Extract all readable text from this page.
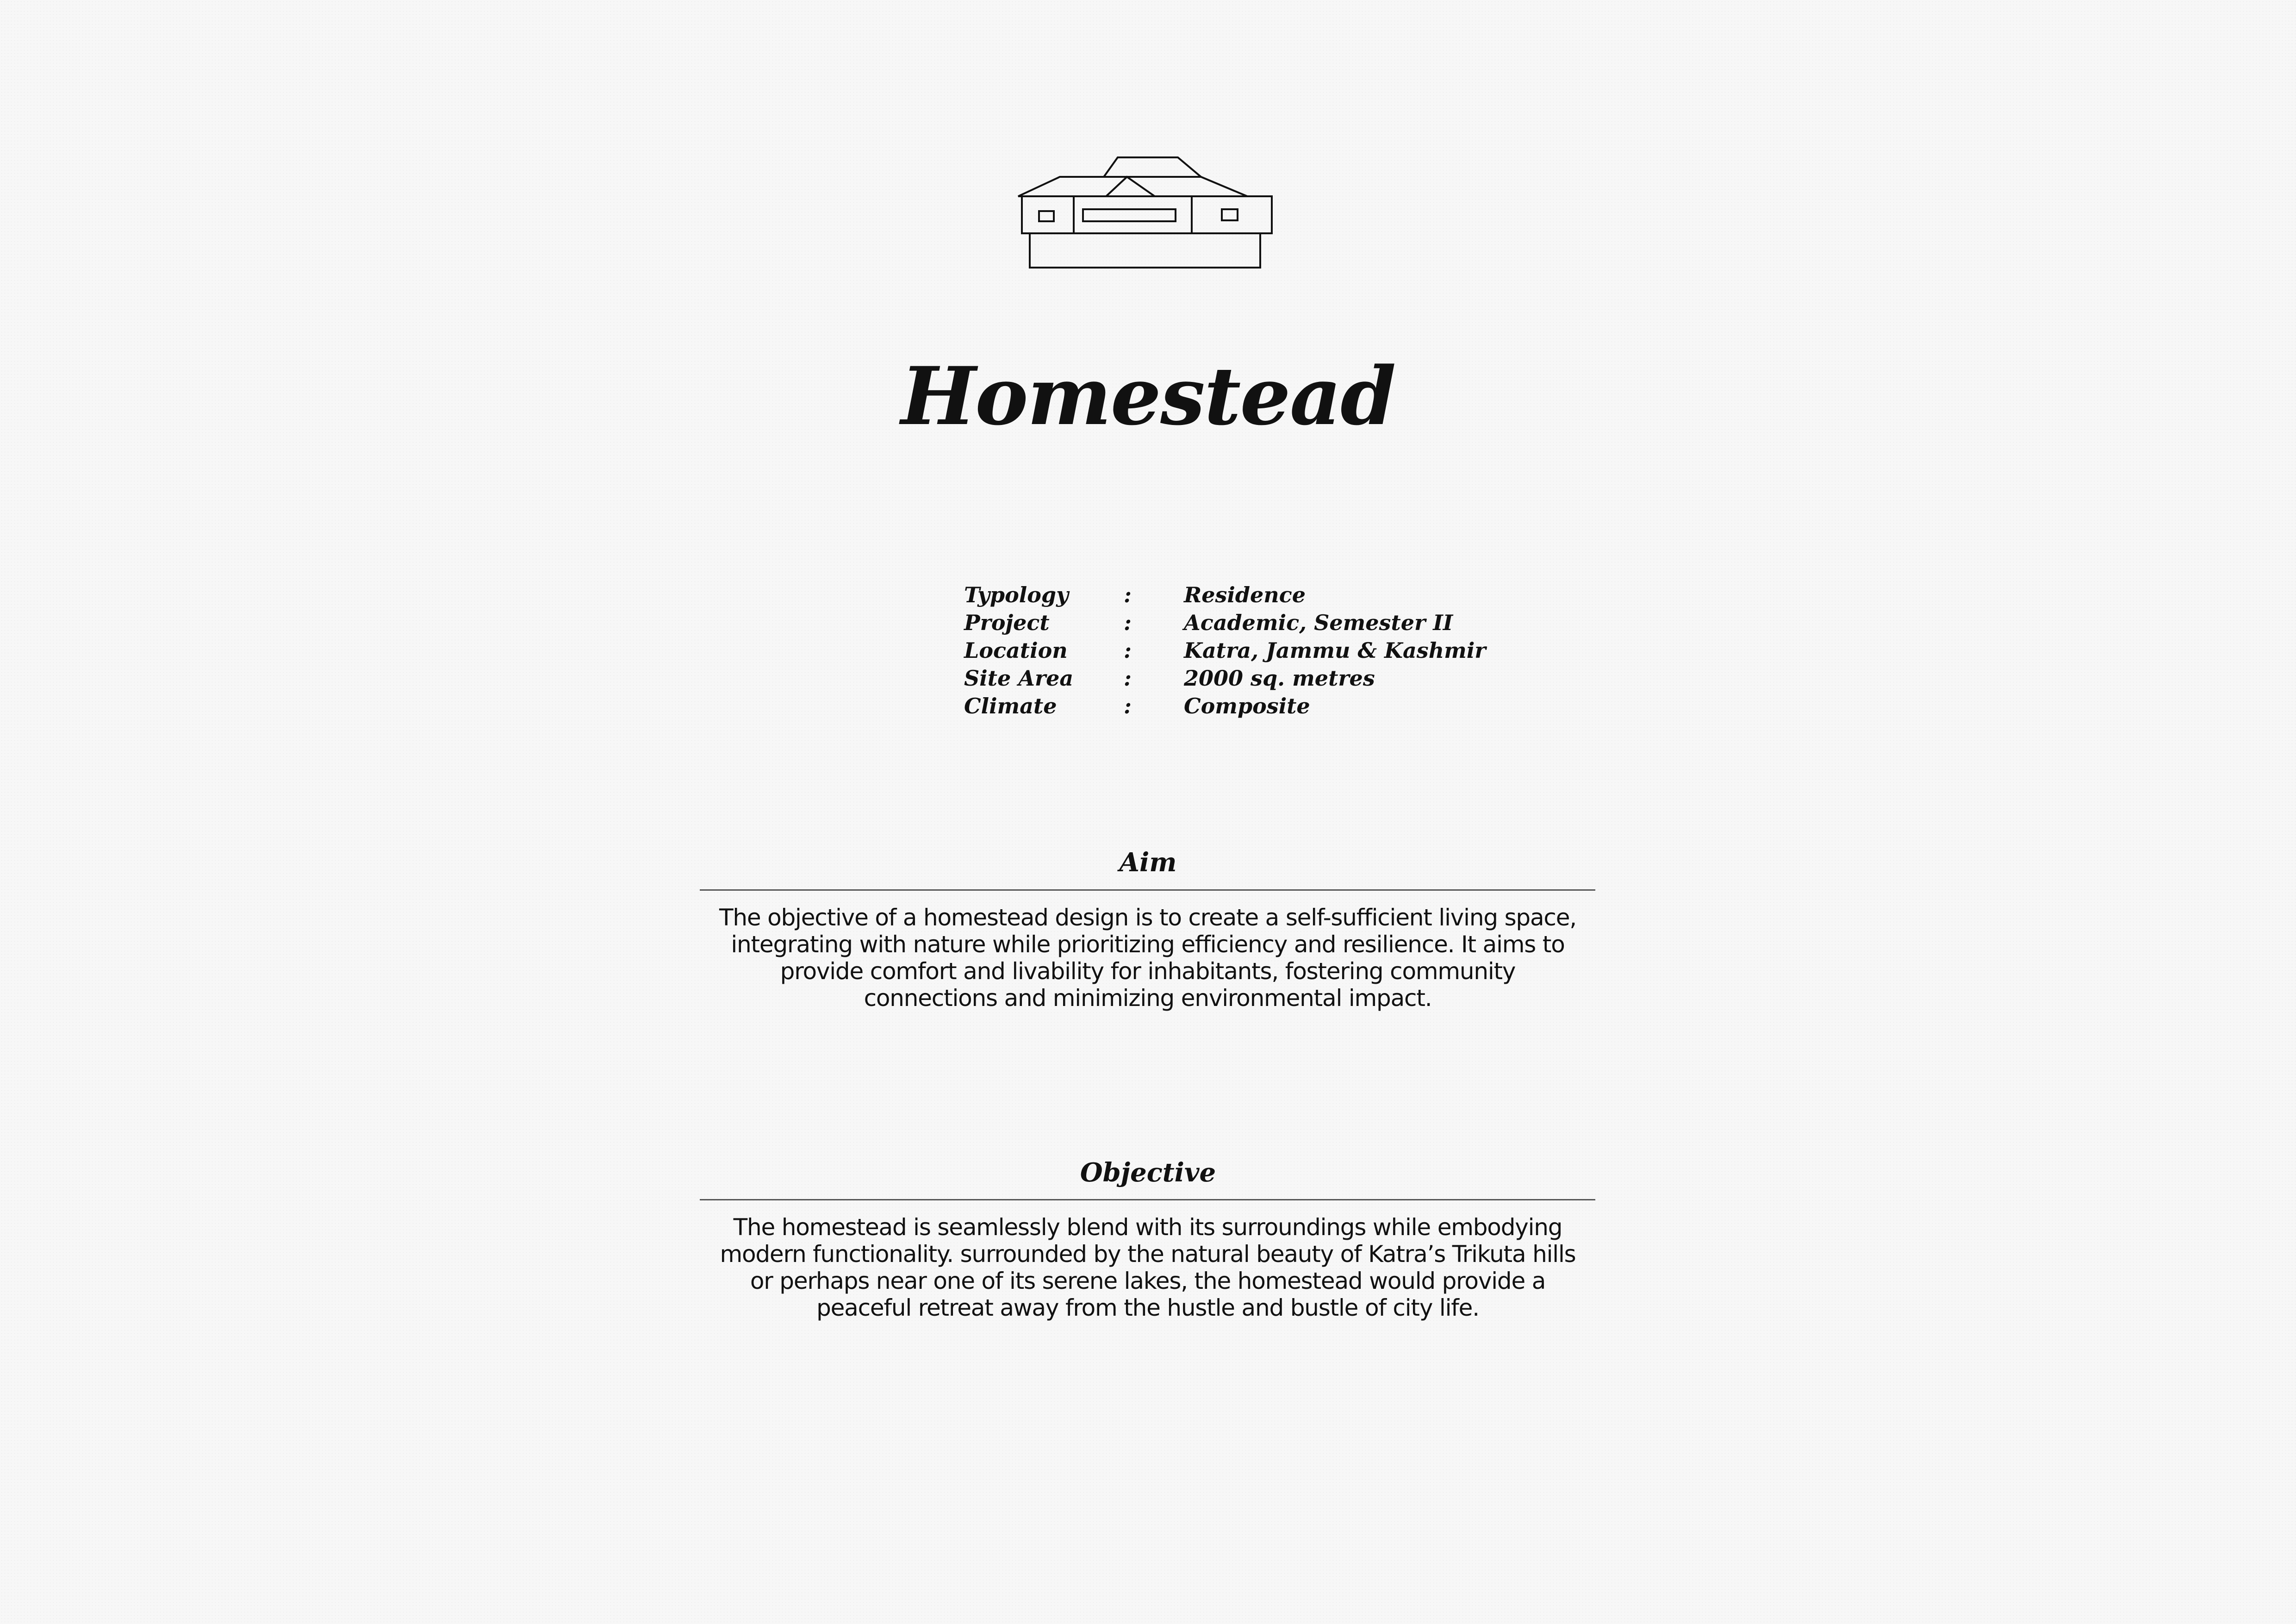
Homestead
Typology	: Residence
Project	: Academic, Semester II
Location	: Katra, Jammu & Kashmir
Site Area : 2000 sq. metres
Climate	: Composite
Aim

The objective of a homestead design is to create a self-sufficient living space,
integrating with nature while prioritizing efficiency and resilience. It aims to
provide comfort and livability for inhabitants, fostering community
connections and minimizing environmental impact.

Objective

The homestead is seamlessly blend with its surroundings while embodying
modern functionality. surrounded by the natural beauty of Katra’s Trikuta hills
or perhaps near one of its serene lakes, the homestead would provide a
peaceful retreat away from the hustle and bustle of city life.
